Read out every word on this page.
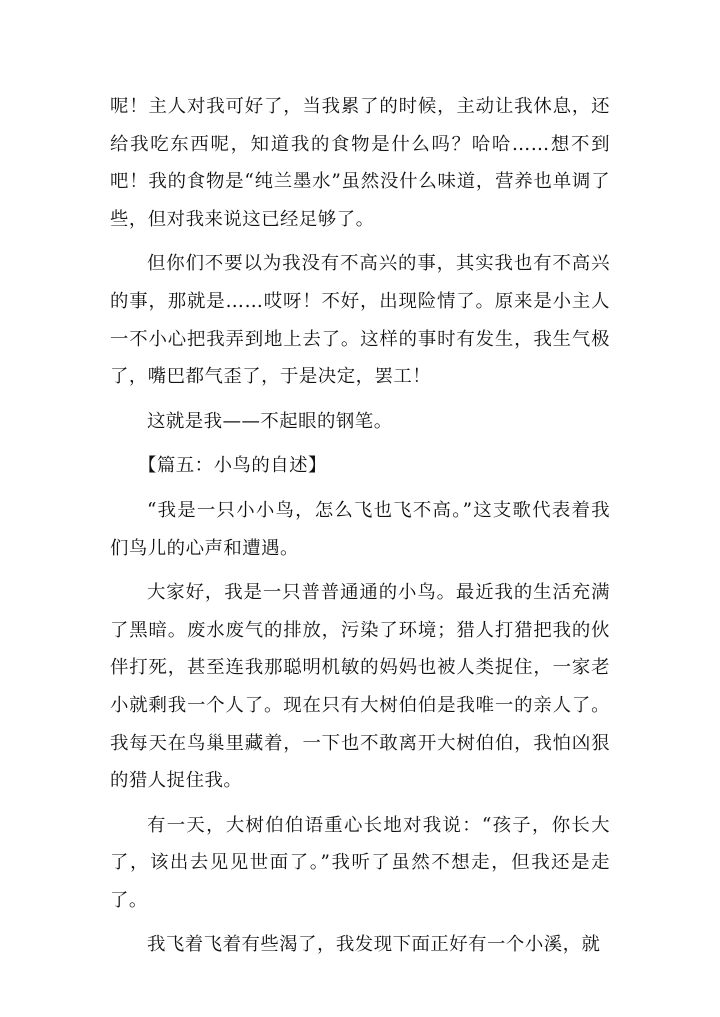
呢！主人对我可好了，当我累了的时候，主动让我休息，还给我吃东西呢，知道我的食物是什么吗？哈哈……想不到吧！我的食物是“纯兰墨水”虽然没什么味道，营养也单调了些，但对我来说这已经足够了。

但你们不要以为我没有不高兴的事，其实我也有不高兴的事，那就是……哎呀！不好，出现险情了。原来是小主人一不小心把我弄到地上去了。这样的事时有发生，我生气极了，嘴巴都气歪了，于是决定，罢工！

这就是我——不起眼的钢笔。

【篇五：小鸟的自述】

“我是一只小小鸟，怎么飞也飞不高。”这支歌代表着我们鸟儿的心声和遭遇。

大家好，我是一只普普通通的小鸟。最近我的生活充满了黑暗。废水废气的排放，污染了环境；猎人打猎把我的伙伴打死，甚至连我那聪明机敏的妈妈也被人类捉住，一家老小就剩我一个人了。现在只有大树伯伯是我唯一的亲人了。我每天在鸟巢里藏着，一下也不敢离开大树伯伯，我怕凶狠的猎人捉住我。

有一天，大树伯伯语重心长地对我说：“孩子，你长大了，该出去见见世面了。”我听了虽然不想走，但我还是走了。

我飞着飞着有些渴了，我发现下面正好有一个小溪，就
